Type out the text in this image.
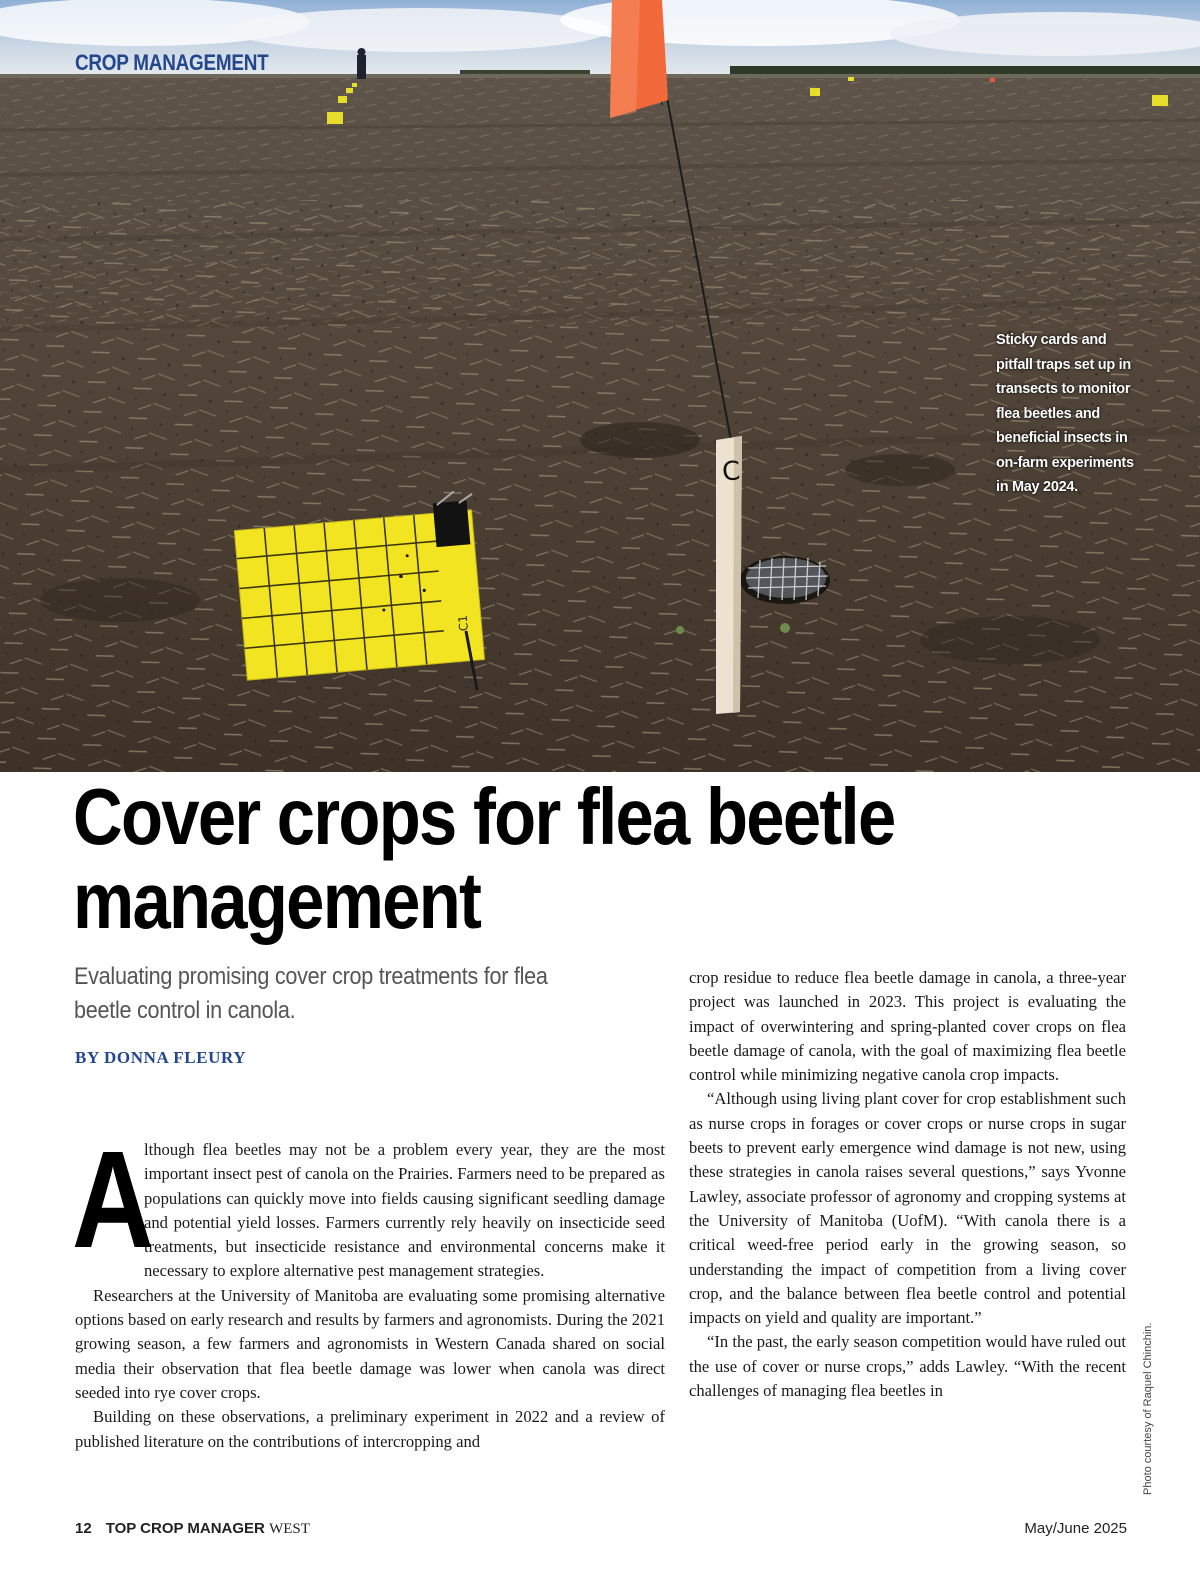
C
C1
CROP MANAGEMENT
Sticky cards and pitfall traps set up in transects to monitor flea beetles and beneficial insects in on-farm experiments in May 2024.
Cover crops for flea beetle management

Evaluating promising cover crop treatments for flea beetle control in canola.

BY DONNA FLEURY

A
lthough flea beetles may not be a problem every year, they are the most important insect pest of canola on the Prairies. Farmers need to be prepared as populations can quickly move into fields causing significant seedling damage and potential yield losses. Farmers currently rely heavily on insecticide seed treatments, but insecticide resistance and environmental concerns make it necessary to explore alternative pest management strategies.

Researchers at the University of Manitoba are evaluating some promising alternative options based on early research and results by farmers and agronomists. During the 2021 growing season, a few farmers and agronomists in Western Canada shared on social media their observation that flea beetle damage was lower when canola was direct seeded into rye cover crops.

Building on these observations, a preliminary experiment in 2022 and a review of published literature on the contributions of intercropping and

crop residue to reduce flea beetle damage in canola, a three-year project was launched in 2023. This project is evaluating the impact of overwintering and spring-planted cover crops on flea beetle damage of canola, with the goal of maximizing flea beetle control while minimizing negative canola crop impacts.

“Although using living plant cover for crop establishment such as nurse crops in forages or cover crops or nurse crops in sugar beets to prevent early emergence wind damage is not new, using these strategies in canola raises several questions,” says Yvonne Lawley, associate professor of agronomy and cropping systems at the University of Manitoba (UofM). “With canola there is a critical weed-free period early in the growing season, so understanding the impact of competition from a living cover crop, and the balance between flea beetle control and potential impacts on yield and quality are important.”

“In the past, the early season competition would have ruled out the use of cover or nurse crops,” adds Lawley. “With the recent challenges of managing flea beetles in	Photo courtesy of Raquel Chinchin.
12 TOP CROP MANAGER WEST	May/June 2025
